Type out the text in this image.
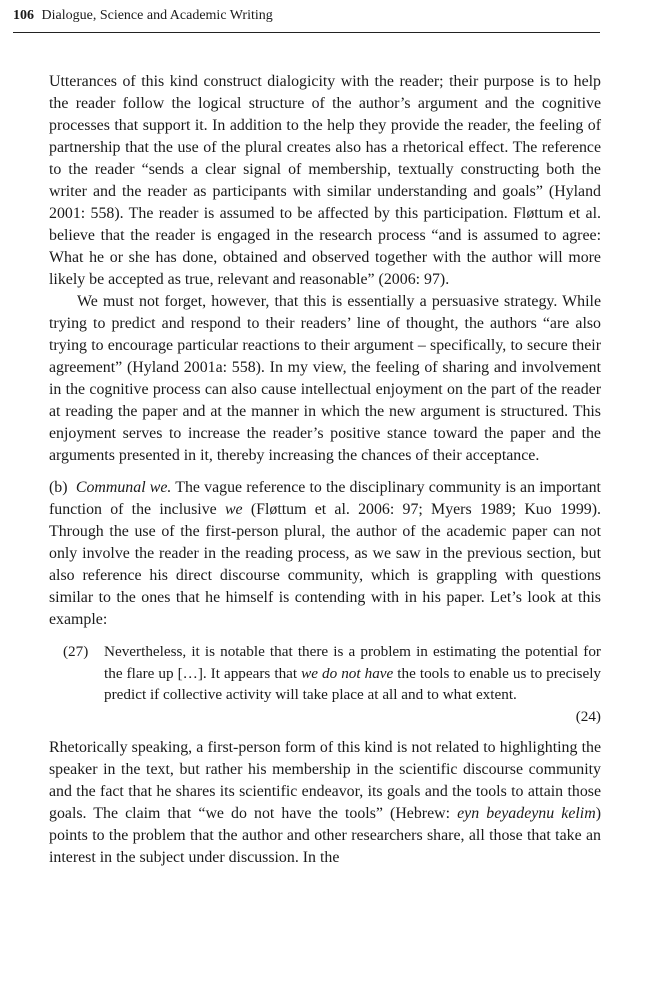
106 Dialogue, Science and Academic Writing

Utterances of this kind construct dialogicity with the reader; their purpose is to help the reader follow the logical structure of the author’s argument and the cognitive processes that support it. In addition to the help they provide the reader, the feeling of partnership that the use of the plural creates also has a rhetorical effect. The reference to the reader “sends a clear signal of membership, textually constructing both the writer and the reader as participants with similar understanding and goals” (Hyland 2001: 558). The reader is assumed to be affected by this participation. Fløttum et al. believe that the reader is engaged in the research process “and is assumed to agree: What he or she has done, obtained and observed together with the author will more likely be accepted as true, relevant and reasonable” (2006: 97).

We must not forget, however, that this is essentially a persuasive strategy. While trying to predict and respond to their readers’ line of thought, the authors “are also trying to encourage particular reactions to their argument – specifically, to secure their agreement” (Hyland 2001a: 558). In my view, the feeling of sharing and involvement in the cognitive process can also cause intellectual enjoyment on the part of the reader at reading the paper and at the manner in which the new argument is structured. This enjoyment serves to increase the reader’s positive stance toward the paper and the arguments presented in it, thereby increasing the chances of their acceptance.

(b) Communal we. The vague reference to the disciplinary community is an important function of the inclusive we (Fløttum et al. 2006: 97; Myers 1989; Kuo 1999). Through the use of the first-person plural, the author of the academic paper can not only involve the reader in the reading process, as we saw in the previous section, but also reference his direct discourse community, which is grappling with questions similar to the ones that he himself is contending with in his paper. Let’s look at this example:

(27) Nevertheless, it is notable that there is a problem in estimating the potential for the flare up […]. It appears that we do not have the tools to enable us to precisely predict if collective activity will take place at all and to what extent.
(24)

Rhetorically speaking, a first-person form of this kind is not related to highlighting the speaker in the text, but rather his membership in the scientific discourse community and the fact that he shares its scientific endeavor, its goals and the tools to attain those goals. The claim that “we do not have the tools” (Hebrew: eyn beyadeynu kelim) points to the problem that the author and other researchers share, all those that take an interest in the subject under discussion. In the
